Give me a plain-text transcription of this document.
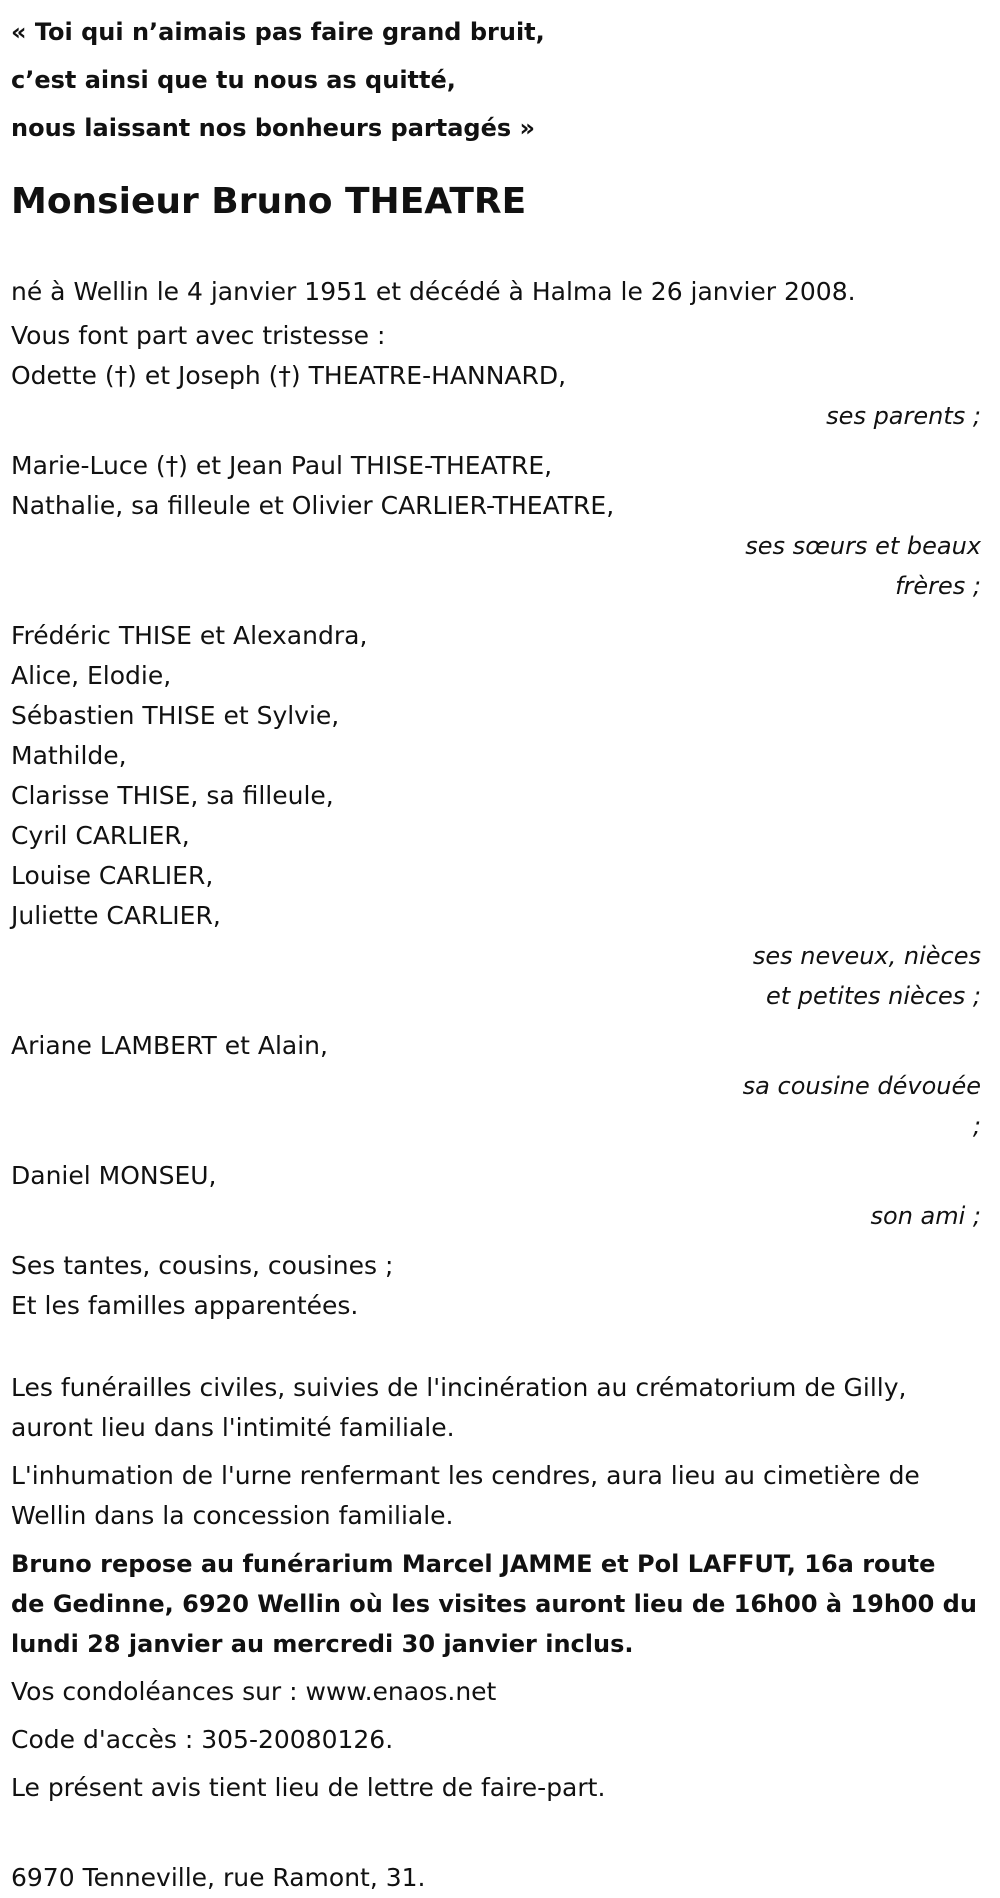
« Toi qui n’aimais pas faire grand bruit,
c’est ainsi que tu nous as quitté,
nous laissant nos bonheurs partagés »
Monsieur Bruno THEATRE
né à Wellin le 4 janvier 1951 et décédé à Halma le 26 janvier 2008.
Vous font part avec tristesse :
Odette (†) et Joseph (†) THEATRE-HANNARD,
ses parents ;
Marie-Luce (†) et Jean Paul THISE-THEATRE,
Nathalie, sa filleule et Olivier CARLIER-THEATRE,
ses sœurs et beaux
frères ;
Frédéric THISE et Alexandra,
Alice, Elodie,
Sébastien THISE et Sylvie,
Mathilde,
Clarisse THISE, sa filleule,
Cyril CARLIER,
Louise CARLIER,
Juliette CARLIER,
ses neveux, nièces
et petites nièces ;
Ariane LAMBERT et Alain,
sa cousine dévouée
;
Daniel MONSEU,
son ami ;
Ses tantes, cousins, cousines ;
Et les familles apparentées.
Les funérailles civiles, suivies de l'incinération au crématorium de Gilly,
auront lieu dans l'intimité familiale.
L'inhumation de l'urne renfermant les cendres, aura lieu au cimetière de
Wellin dans la concession familiale.
Bruno repose au funérarium Marcel JAMME et Pol LAFFUT, 16a route
de Gedinne, 6920 Wellin où les visites auront lieu de 16h00 à 19h00 du
lundi 28 janvier au mercredi 30 janvier inclus.
Vos condoléances sur : www.enaos.net
Code d'accès : 305-20080126.
Le présent avis tient lieu de lettre de faire-part.
6970 Tenneville, rue Ramont, 31.
